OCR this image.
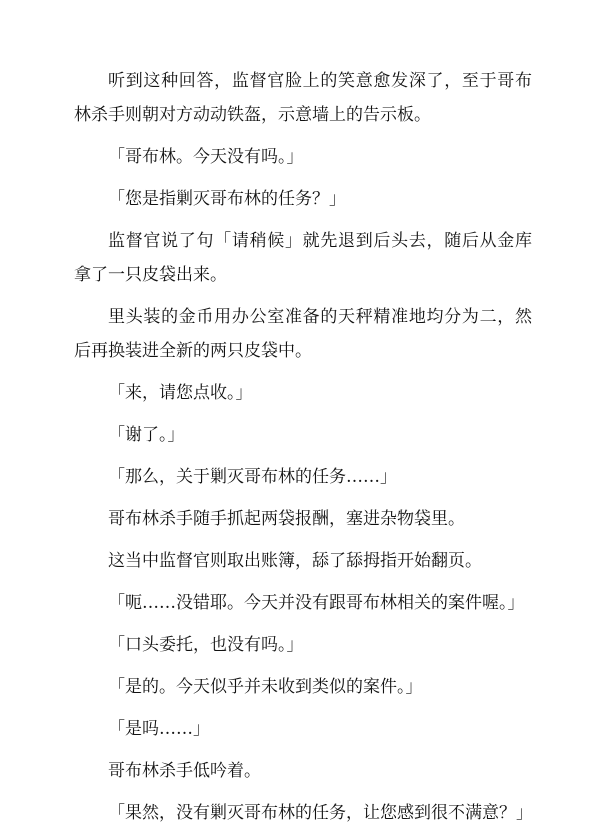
听到这种回答，监督官脸上的笑意愈发深了，至于哥布林杀手则朝对方动动铁盔，示意墙上的告示板。

「哥布林。今天没有吗。」

「您是指剿灭哥布林的任务？」

监督官说了句「请稍候」就先退到后头去，随后从金库拿了一只皮袋出来。

里头装的金币用办公室准备的天秤精准地均分为二，然后再换装进全新的两只皮袋中。

「来，请您点收。」

「谢了。」

「那么，关于剿灭哥布林的任务……」

哥布林杀手随手抓起两袋报酬，塞进杂物袋里。

这当中监督官则取出账簿，舔了舔拇指开始翻页。

「呃……没错耶。今天并没有跟哥布林相关的案件喔。」

「口头委托，也没有吗。」

「是的。今天似乎并未收到类似的案件。」

「是吗……」

哥布林杀手低吟着。

「果然，没有剿灭哥布林的任务，让您感到很不满意？」
